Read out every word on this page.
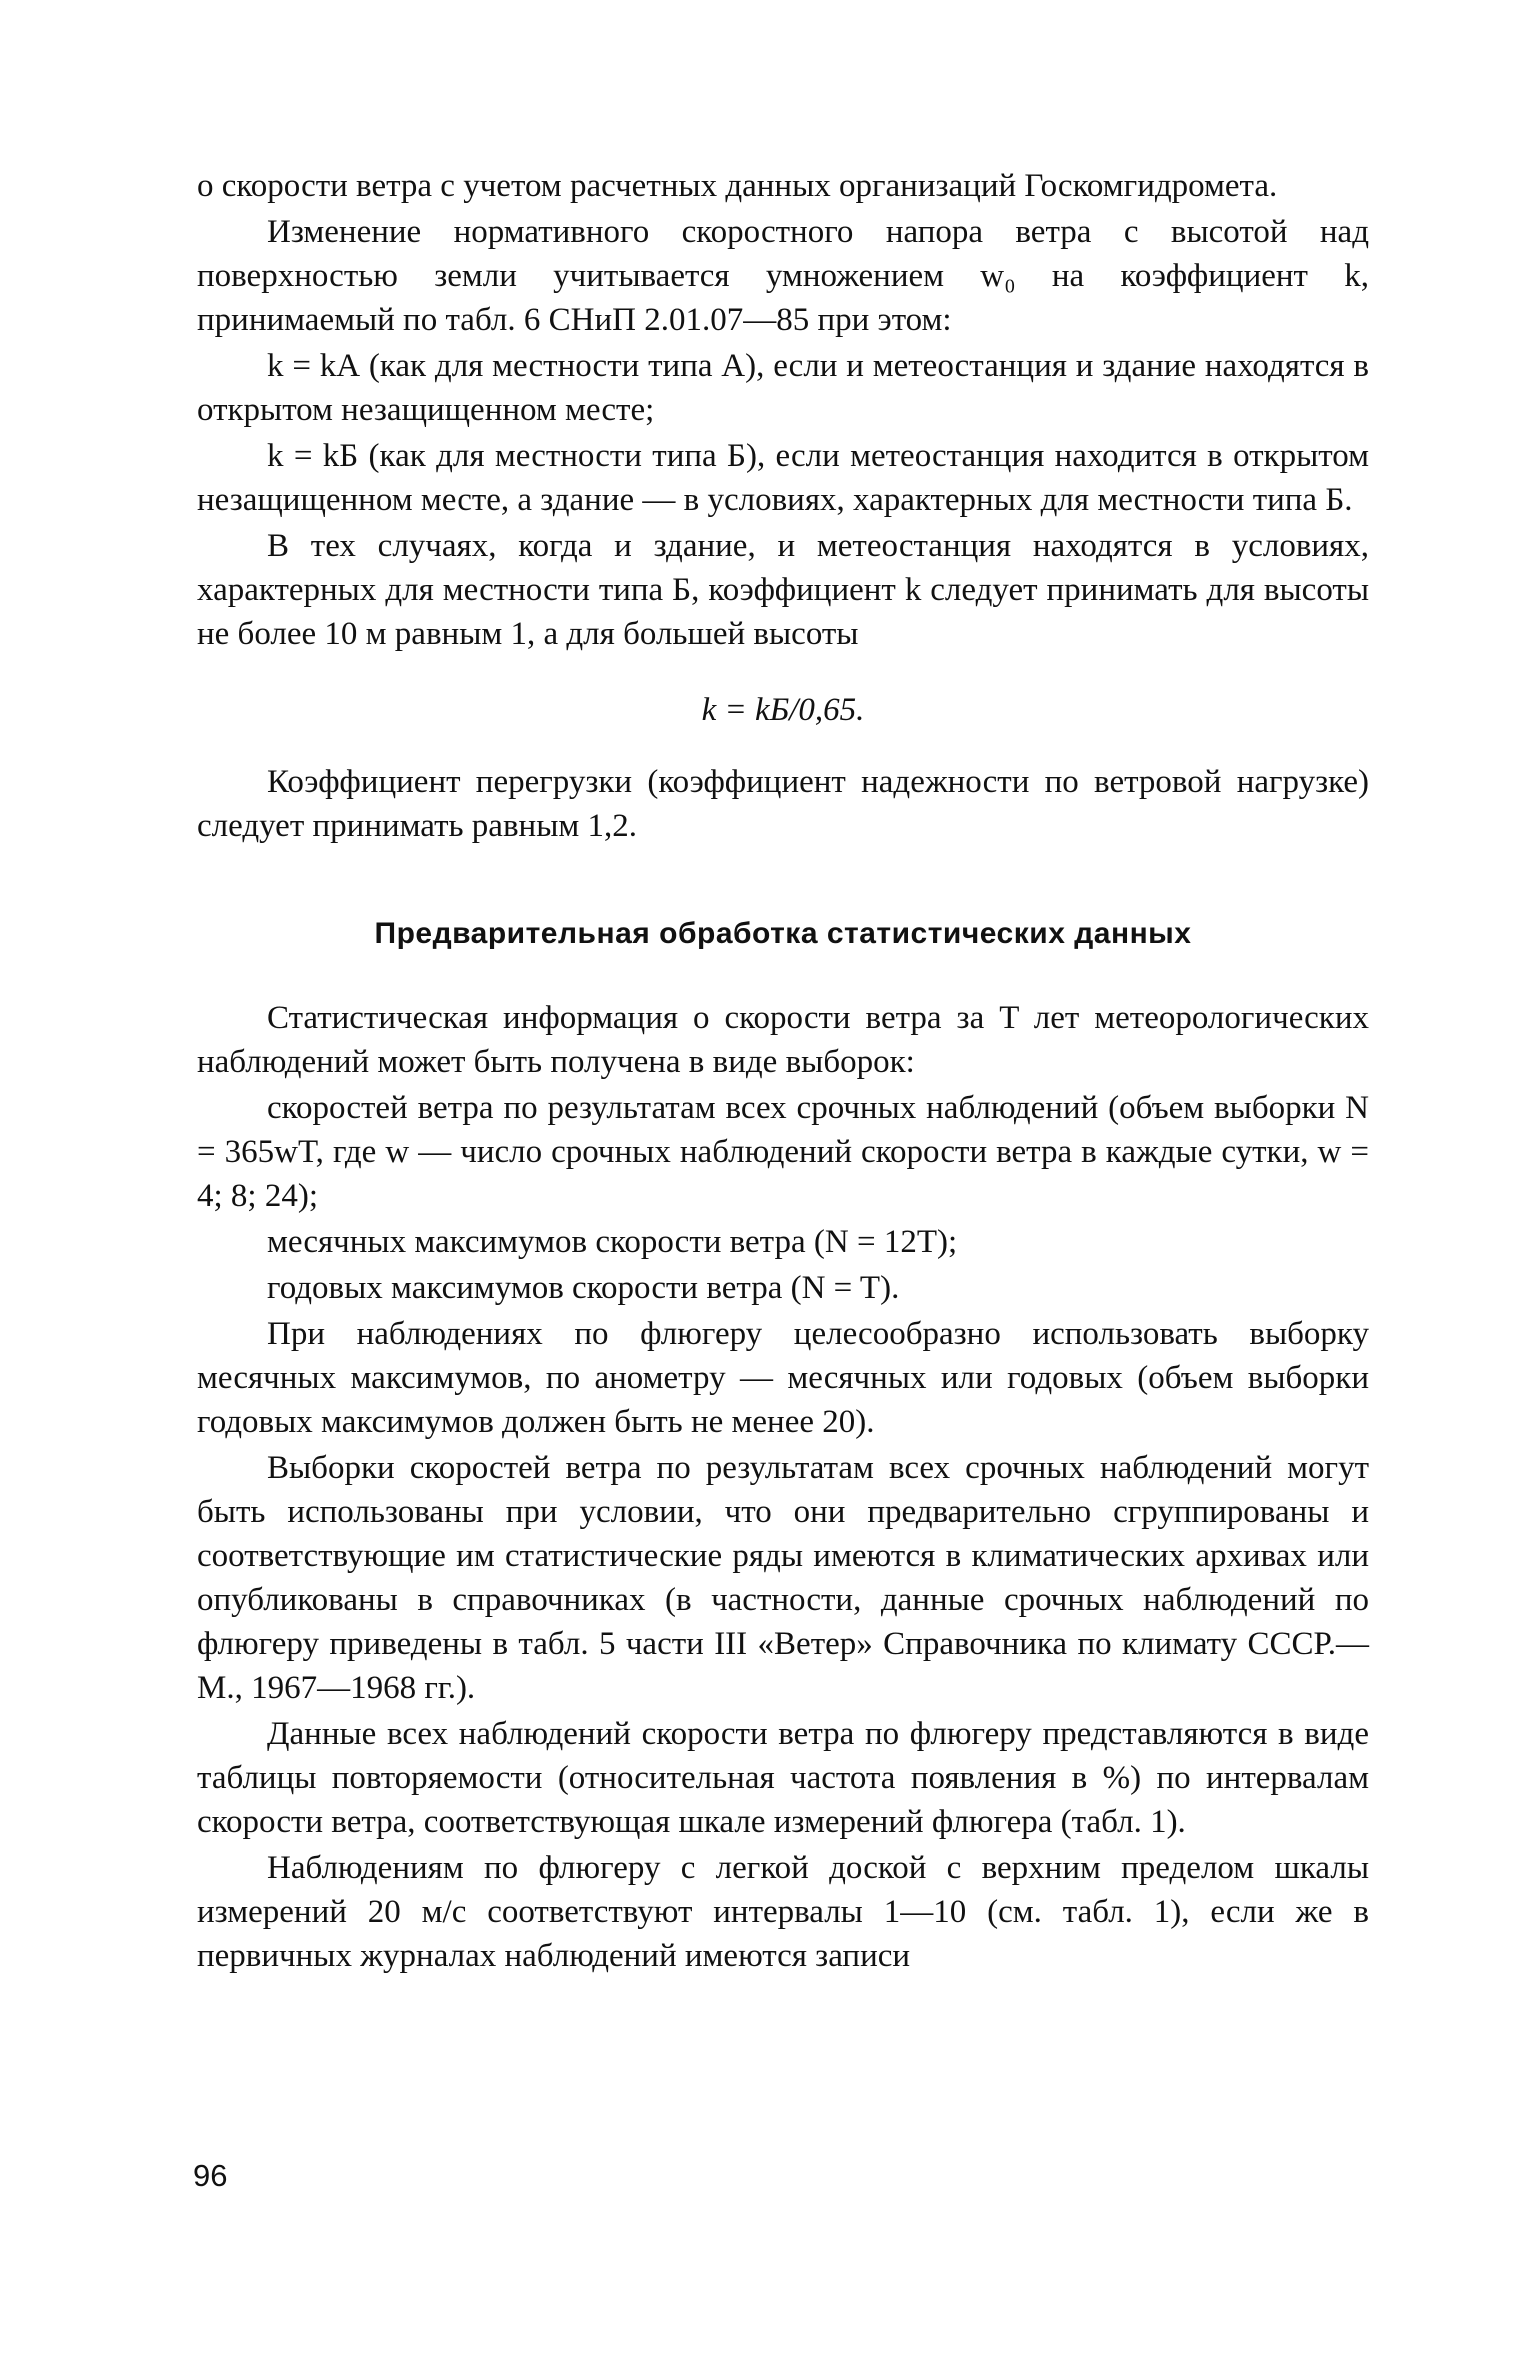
о скорости ветра с учетом расчетных данных организаций Госкомгидромета.

Изменение нормативного скоростного напора ветра с высотой над поверхностью земли учитывается умножением w₀ на коэффициент k, принимаемый по табл. 6 СНиП 2.01.07—85 при этом:

k = kА (как для местности типа А), если и метеостанция и здание находятся в открытом незащищенном месте;

k = kБ (как для местности типа Б), если метеостанция находится в открытом незащищенном месте, а здание — в условиях, характерных для местности типа Б.

В тех случаях, когда и здание, и метеостанция находятся в условиях, характерных для местности типа Б, коэффициент k следует принимать для высоты не более 10 м равным 1, а для большей высоты

k = kБ/0,65.

Коэффициент перегрузки (коэффициент надежности по ветровой нагрузке) следует принимать равным 1,2.

Предварительная обработка статистических данных

Статистическая информация о скорости ветра за T лет метеорологических наблюдений может быть получена в виде выборок:

скоростей ветра по результатам всех срочных наблюдений (объем выборки N = 365wT, где w — число срочных наблюдений скорости ветра в каждые сутки, w = 4; 8; 24);

месячных максимумов скорости ветра (N = 12T);

годовых максимумов скорости ветра (N = T).

При наблюдениях по флюгеру целесообразно использовать выборку месячных максимумов, по анометру — месячных или годовых (объем выборки годовых максимумов должен быть не менее 20).

Выборки скоростей ветра по результатам всех срочных наблюдений могут быть использованы при условии, что они предварительно сгруппированы и соответствующие им статистические ряды имеются в климатических архивах или опубликованы в справочниках (в частности, данные срочных наблюдений по флюгеру приведены в табл. 5 части III «Ветер» Справочника по климату СССР.— М., 1967—1968 гг.).

Данные всех наблюдений скорости ветра по флюгеру представляются в виде таблицы повторяемости (относительная частота появления в %) по интервалам скорости ветра, соответствующая шкале измерений флюгера (табл. 1).

Наблюдениям по флюгеру с легкой доской с верхним пределом шкалы измерений 20 м/с соответствуют интервалы 1—10 (см. табл. 1), если же в первичных журналах наблюдений имеются записи

96
